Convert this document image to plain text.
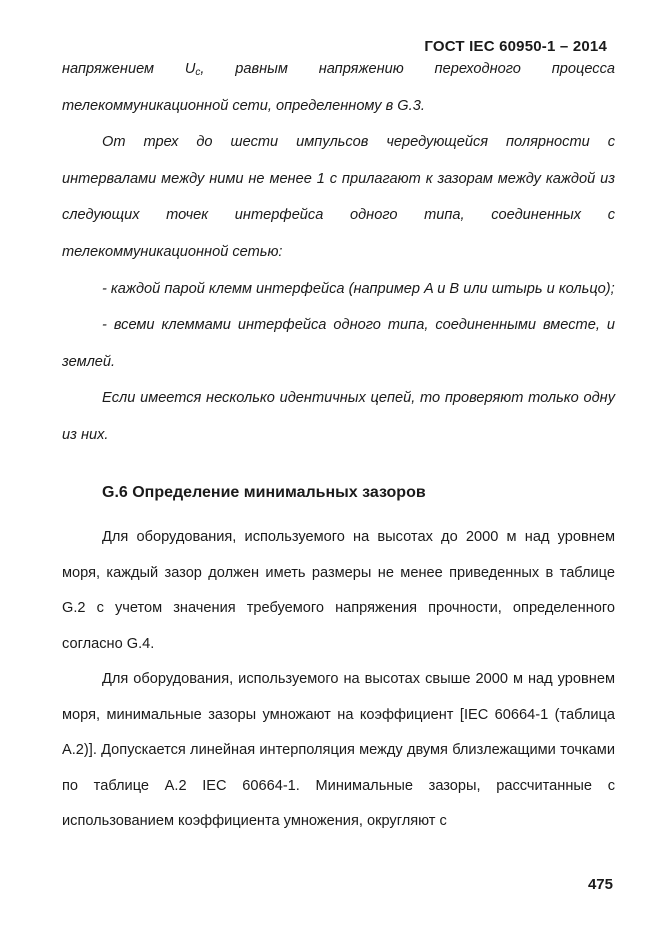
ГОСТ IEC 60950-1 – 2014

напряжением $U_с$, равным напряжению переходного процесса телекоммуникационной сети, определенному в G.3.

От трех до шести импульсов чередующейся полярности с интервалами между ними не менее 1 с прилагают к зазорам между каждой из следующих точек интерфейса одного типа, соединенных с телекоммуникационной сетью:

- каждой парой клемм интерфейса (например A и B или штырь и кольцо);

- всеми клеммами интерфейса одного типа, соединенными вместе, и землей.

Если имеется несколько идентичных цепей, то проверяют только одну из них.

G.6 Определение минимальных зазоров

Для оборудования, используемого на высотах до 2000 м над уровнем моря, каждый зазор должен иметь размеры не менее приведенных в таблице G.2 с учетом значения требуемого напряжения прочности, определенного согласно G.4.

Для оборудования, используемого на высотах свыше 2000 м над уровнем моря, минимальные зазоры умножают на коэффициент [IEC 60664-1 (таблица A.2)]. Допускается линейная интерполяция между двумя близлежащими точками по таблице A.2 IEC 60664-1. Минимальные зазоры, рассчитанные с использованием коэффициента умножения, округляют с

475
